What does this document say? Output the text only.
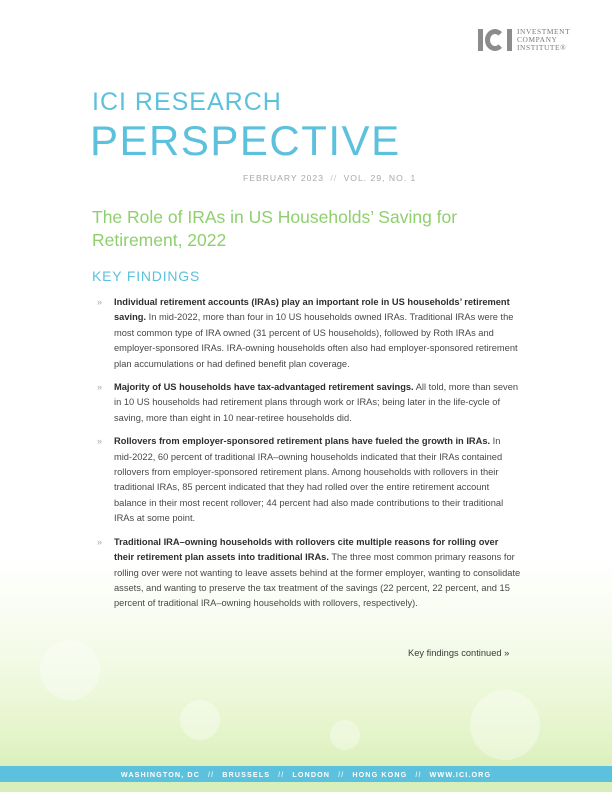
INVESTMENT
COMPANY
INSTITUTE®
ICI RESEARCH
PERSPECTIVE
FEBRUARY 2023 // VOL. 29, NO. 1
The Role of IRAs in US Households’ Saving for Retirement, 2022
KEY FINDINGS
» Individual retirement accounts (IRAs) play an important role in US households’ retirement saving. In mid-2022, more than four in 10 US households owned IRAs. Traditional IRAs were the most common type of IRA owned (31 percent of US households), followed by Roth IRAs and employer-sponsored IRAs. IRA-owning households often also had employer-sponsored retirement plan accumulations or had defined benefit plan coverage.
» Majority of US households have tax-advantaged retirement savings. All told, more than seven in 10 US households had retirement plans through work or IRAs; being later in the life-cycle of saving, more than eight in 10 near-retiree households did.
» Rollovers from employer-sponsored retirement plans have fueled the growth in IRAs. In mid-2022, 60 percent of traditional IRA–owning households indicated that their IRAs contained rollovers from employer-sponsored retirement plans. Among households with rollovers in their traditional IRAs, 85 percent indicated that they had rolled over the entire retirement account balance in their most recent rollover; 44 percent had also made contributions to their traditional IRAs at some point.
» Traditional IRA–owning households with rollovers cite multiple reasons for rolling over their retirement plan assets into traditional IRAs. The three most common primary reasons for rolling over were not wanting to leave assets behind at the former employer, wanting to consolidate assets, and wanting to preserve the tax treatment of the savings (22 percent, 22 percent, and 15 percent of traditional IRA–owning households with rollovers, respectively).
Key findings continued »
WASHINGTON, DC // BRUSSELS // LONDON // HONG KONG // WWW.ICI.ORG
